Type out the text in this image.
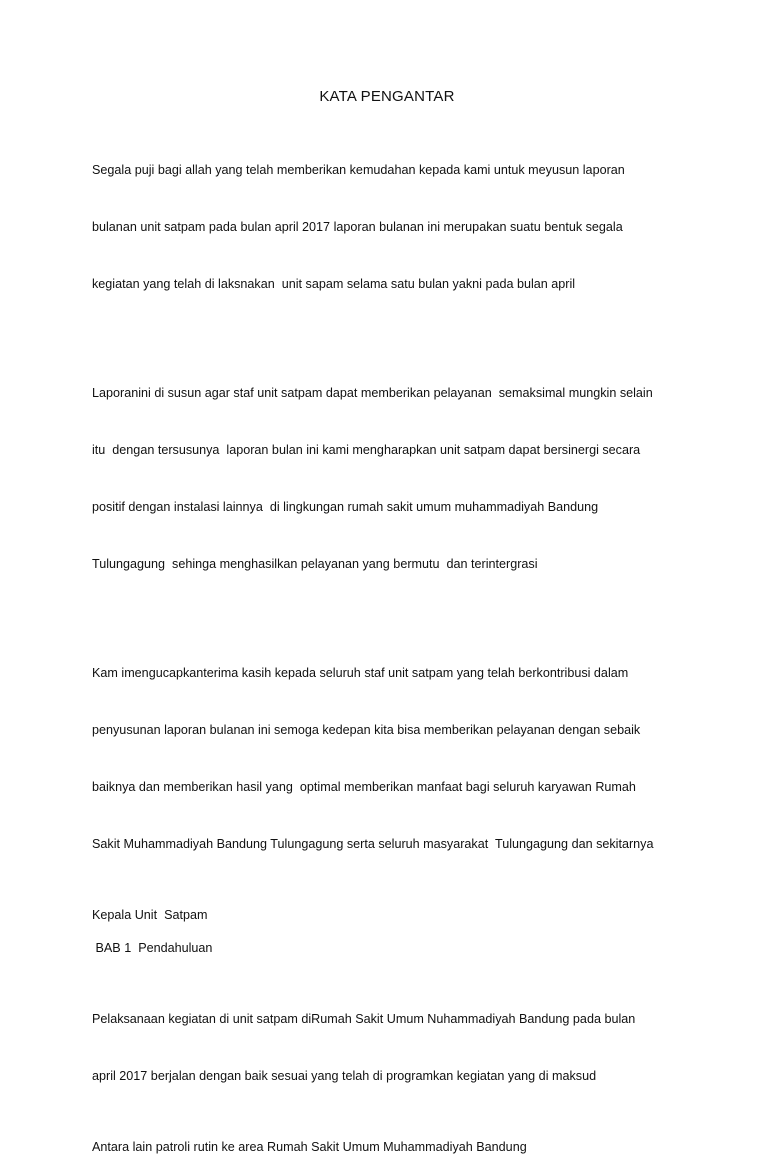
KATA PENGANTAR

Segala puji bagi allah yang telah memberikan kemudahan kepada kami untuk meyusun laporan

bulanan unit satpam pada bulan april 2017 laporan bulanan ini merupakan suatu bentuk segala

kegiatan yang telah di laksnakan  unit sapam selama satu bulan yakni pada bulan april

Laporanini di susun agar staf unit satpam dapat memberikan pelayanan  semaksimal mungkin selain

itu  dengan tersusunya  laporan bulan ini kami mengharapkan unit satpam dapat bersinergi secara

positif dengan instalasi lainnya  di lingkungan rumah sakit umum muhammadiyah Bandung

Tulungagung  sehinga menghasilkan pelayanan yang bermutu  dan terintergrasi

Kam imengucapkanterima kasih kepada seluruh staf unit satpam yang telah berkontribusi dalam

penyusunan laporan bulanan ini semoga kedepan kita bisa memberikan pelayanan dengan sebaik

baiknya dan memberikan hasil yang  optimal memberikan manfaat bagi seluruh karyawan Rumah

Sakit Muhammadiyah Bandung Tulungagung serta seluruh masyarakat  Tulungagung dan sekitarnya

Kepala Unit  Satpam
BAB 1  Pendahuluan

Pelaksanaan kegiatan di unit satpam diRumah Sakit Umum Nuhammadiyah Bandung pada bulan

april 2017 berjalan dengan baik sesuai yang telah di programkan kegiatan yang di maksud

Antara lain patroli rutin ke area Rumah Sakit Umum Muhammadiyah Bandung
